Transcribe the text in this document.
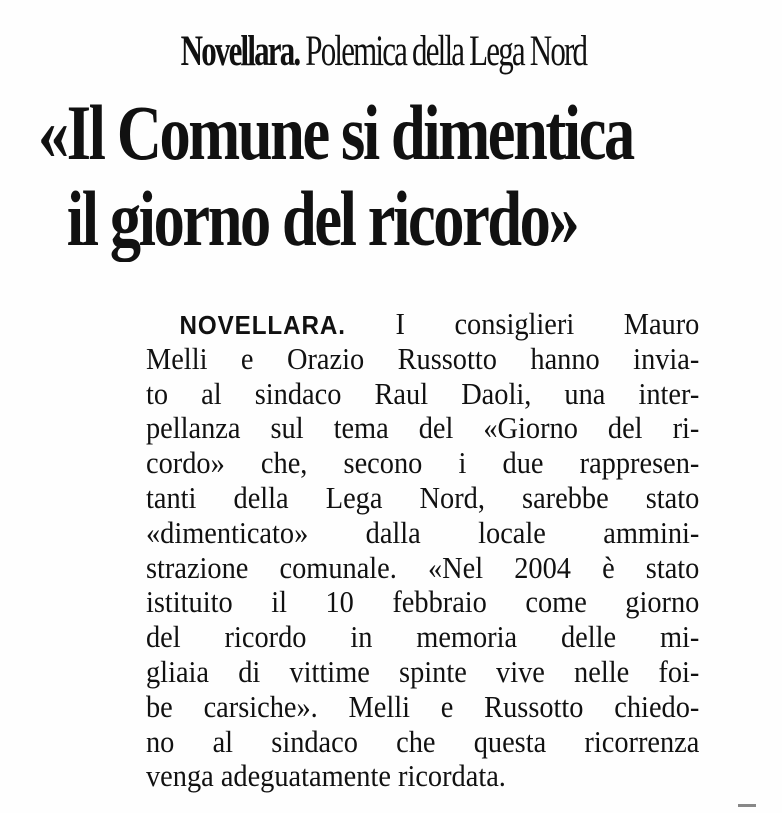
Novellara. Polemica della Lega Nord
«Il Comune si dimentica
il giorno del ricordo»
NOVELLARA. I consiglieri Mauro
Melli e Orazio Russotto hanno invia-
to al sindaco Raul Daoli, una inter-
pellanza sul tema del «Giorno del ri-
cordo» che, secono i due rappresen-
tanti della Lega Nord, sarebbe stato
«dimenticato» dalla locale ammini-
strazione comunale. «Nel 2004 è stato
istituito il 10 febbraio come giorno
del ricordo in memoria delle mi-
gliaia di vittime spinte vive nelle foi-
be carsiche». Melli e Russotto chiedo-
no al sindaco che questa ricorrenza
venga adeguatamente ricordata.
